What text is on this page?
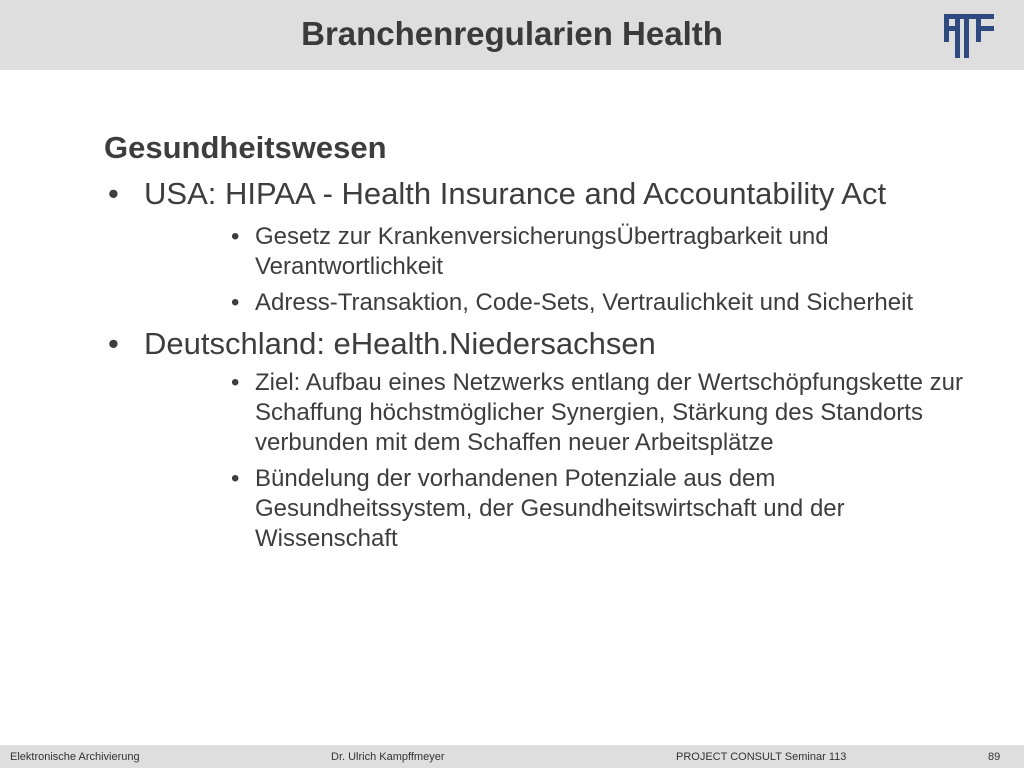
Branchenregularien Health
Gesundheitswesen
• USA: HIPAA - Health Insurance and Accountability Act
• Gesetz zur KrankenversicherungsÜbertragbarkeit und Verantwortlichkeit
• Adress-Transaktion, Code-Sets, Vertraulichkeit und Sicherheit
• Deutschland: eHealth.Niedersachsen
• Ziel: Aufbau eines Netzwerks entlang der Wertschöpfungskette zur Schaffung höchstmöglicher Synergien, Stärkung des Standorts verbunden mit dem Schaffen neuer Arbeitsplätze
• Bündelung der vorhandenen Potenziale aus dem Gesundheitssystem, der Gesundheitswirtschaft und der Wissenschaft
Elektronische Archivierung	Dr. Ulrich Kampffmeyer	PROJECT CONSULT Seminar 113	89
